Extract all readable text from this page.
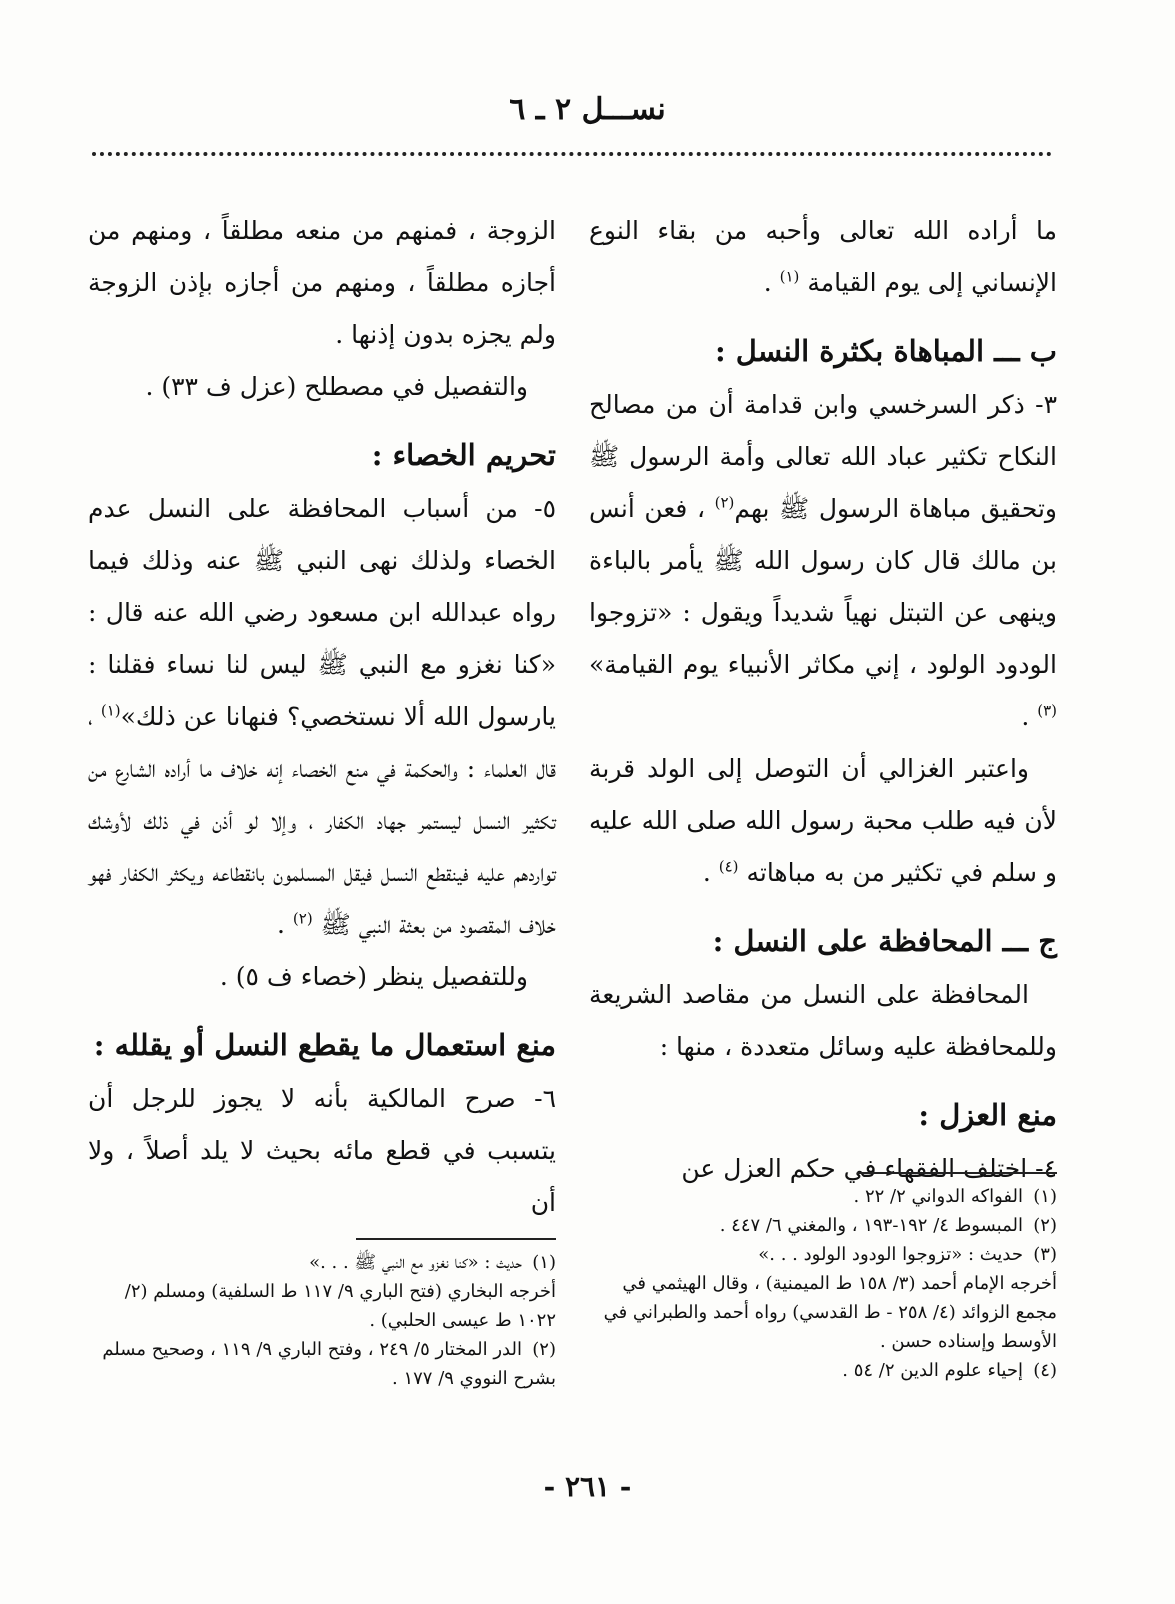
نســـل ٢ ـ ٦

ما أراده الله تعالى وأحبه من بقاء النوع الإنساني إلى يوم القيامة $^{(١)}$ .

ب ـــ المباهاة بكثرة النسل :

٣- ذكر السرخسي وابن قدامة أن من مصالح النكاح تكثير عباد الله تعالى وأمة الرسول ﷺ وتحقيق مباهاة الرسول ﷺ بهم$^{(٢)}$ ، فعن أنس بن مالك قال كان رسول الله ﷺ يأمر بالباءة وينهى عن التبتل نهياً شديداً ويقول : «تزوجوا الودود الولود ، إني مكاثر الأنبياء يوم القيامة» $^{(٣)}$ .

واعتبر الغزالي أن التوصل إلى الولد قربة لأن فيه طلب محبة رسول الله صلى الله عليه و سلم في تكثير من به مباهاته $^{(٤)}$ .

ج ـــ المحافظة على النسل :

المحافظة على النسل من مقاصد الشريعة وللمحافظة عليه وسائل متعددة ، منها :

منع العزل :

٤- اختلف الفقهاء في حكم العزل عن

الزوجة ، فمنهم من منعه مطلقاً ، ومنهم من أجازه مطلقاً ، ومنهم من أجازه بإذن الزوجة ولم يجزه بدون إذنها .

والتفصيل في مصطلح (عزل ف ٣٣) .

تحريم الخصاء :

٥- من أسباب المحافظة على النسل عدم الخصاء ولذلك نهى النبي ﷺ عنه وذلك فيما رواه عبدالله ابن مسعود رضي الله عنه قال : «كنا نغزو مع النبي ﷺ ليس لنا نساء فقلنا : يارسول الله ألا نستخصي؟ فنهانا عن ذلك»$^{(١)}$ ، قال العلماء : والحكمة في منع الخصاء إنه خلاف ما أراده الشارع من تكثير النسل ليستمر جهاد الكفار ، وإلا لو أذن في ذلك لأوشك تواردهم عليه فينقطع النسل فيقل المسلمون بانقطاعه ويكثر الكفار فهو خلاف المقصود من بعثة النبي ﷺ $^{(٢)}$ .

وللتفصيل ينظر (خصاء ف ٥) .

منع استعمال ما يقطع النسل أو يقلله :

٦- صرح المالكية بأنه لا يجوز للرجل أن يتسبب في قطع مائه بحيث لا يلد أصلاً ، ولا أن	(١)الفواكه الدواني ٢/ ٢٢ .
(٢)المبسوط ٤/ ١٩٢-١٩٣ ، والمغني ٦/ ٤٤٧ .
(٣)حديث : «تزوجوا الودود الولود . . .»
أخرجه الإمام أحمد (٣/ ١٥٨ ط الميمنية) ، وقال الهيثمي في مجمع الزوائد (٤/ ٢٥٨ - ط القدسي) رواه أحمد والطبراني في الأوسط وإسناده حسن .
(٤)إحياء علوم الدين ٢/ ٥٤ .
(١)حديث : «كنا نغزو مع النبي ﷺ . . .»
أخرجه البخاري (فتح الباري ٩/ ١١٧ ط السلفية) ومسلم (٢/ ١٠٢٢ ط عيسى الحلبي) .
(٢)الدر المختار ٥/ ٢٤٩ ، وفتح الباري ٩/ ١١٩ ، وصحيح مسلم بشرح النووي ٩/ ١٧٧ .
- ٢٦١ -
